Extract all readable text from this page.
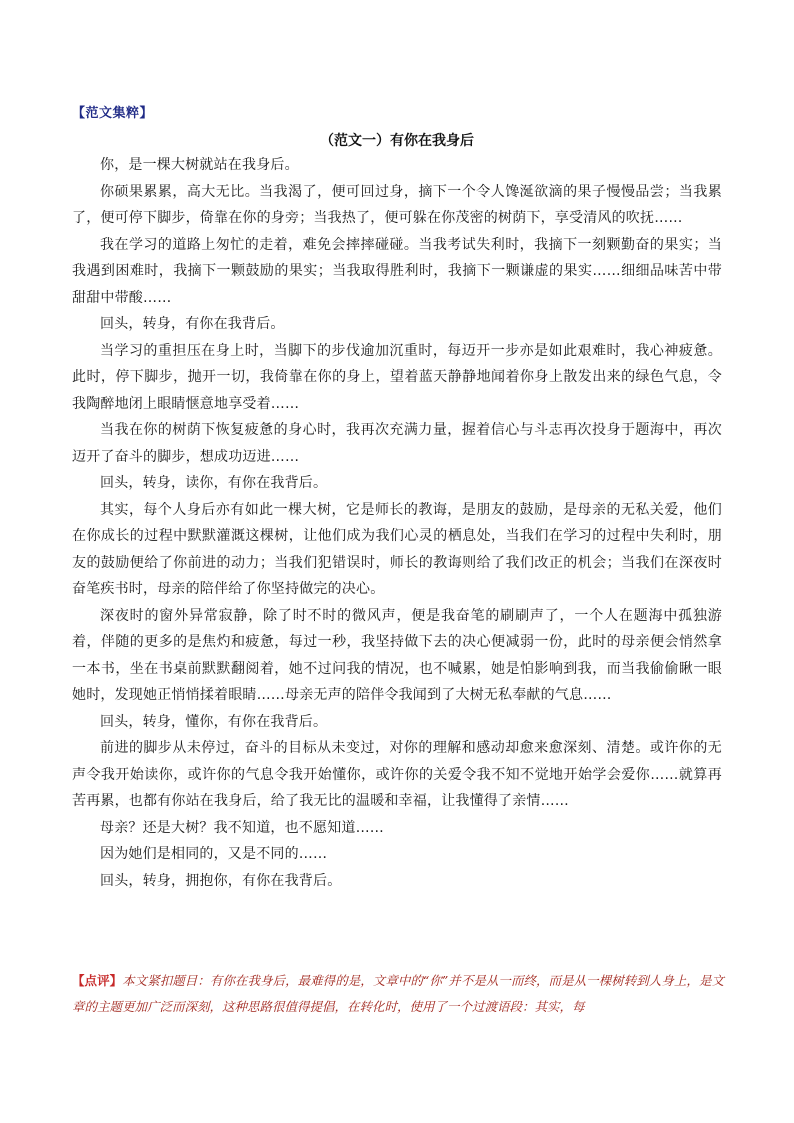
【范文集粹】
（范文一）有你在我身后

你，是一棵大树就站在我身后。

你硕果累累，高大无比。当我渴了，便可回过身，摘下一个令人馋涎欲滴的果子慢慢品尝；当我累了，便可停下脚步，倚靠在你的身旁；当我热了，便可躲在你茂密的树荫下，享受清风的吹抚……

我在学习的道路上匆忙的走着，难免会摔摔碰碰。当我考试失利时，我摘下一刻颗勤奋的果实；当我遇到困难时，我摘下一颗鼓励的果实；当我取得胜利时，我摘下一颗谦虚的果实……细细品味苦中带甜甜中带酸……

回头，转身，有你在我背后。

当学习的重担压在身上时，当脚下的步伐逾加沉重时，每迈开一步亦是如此艰难时，我心神疲惫。此时，停下脚步，抛开一切，我倚靠在你的身上，望着蓝天静静地闻着你身上散发出来的绿色气息，令我陶醉地闭上眼睛惬意地享受着……

当我在你的树荫下恢复疲惫的身心时，我再次充满力量，握着信心与斗志再次投身于题海中，再次迈开了奋斗的脚步，想成功迈进……

回头，转身，读你，有你在我背后。

其实，每个人身后亦有如此一棵大树，它是师长的教诲，是朋友的鼓励，是母亲的无私关爱，他们在你成长的过程中默默灌溉这棵树，让他们成为我们心灵的栖息处，当我们在学习的过程中失利时，朋友的鼓励便给了你前进的动力；当我们犯错误时，师长的教诲则给了我们改正的机会；当我们在深夜时奋笔疾书时，母亲的陪伴给了你坚持做完的决心。

深夜时的窗外异常寂静，除了时不时的微风声，便是我奋笔的刷刷声了，一个人在题海中孤独游着，伴随的更多的是焦灼和疲惫，每过一秒，我坚持做下去的决心便减弱一份，此时的母亲便会悄然拿一本书，坐在书桌前默默翻阅着，她不过问我的情况，也不喊累，她是怕影响到我，而当我偷偷瞅一眼她时，发现她正悄悄揉着眼睛……母亲无声的陪伴令我闻到了大树无私奉献的气息……

回头，转身，懂你，有你在我背后。

前进的脚步从未停过，奋斗的目标从未变过，对你的理解和感动却愈来愈深刻、清楚。或许你的无声令我开始读你，或许你的气息令我开始懂你，或许你的关爱令我不知不觉地开始学会爱你……就算再苦再累，也都有你站在我身后，给了我无比的温暖和幸福，让我懂得了亲情……

母亲？还是大树？我不知道，也不愿知道……

因为她们是相同的，又是不同的……

回头，转身，拥抱你，有你在我背后。

【点评】本文紧扣题目：有你在我身后，最难得的是，文章中的“你”并不是从一而终，而是从一棵树转到人身上，是文章的主题更加广泛而深刻，这种思路很值得提倡，在转化时，使用了一个过渡语段：其实，每
